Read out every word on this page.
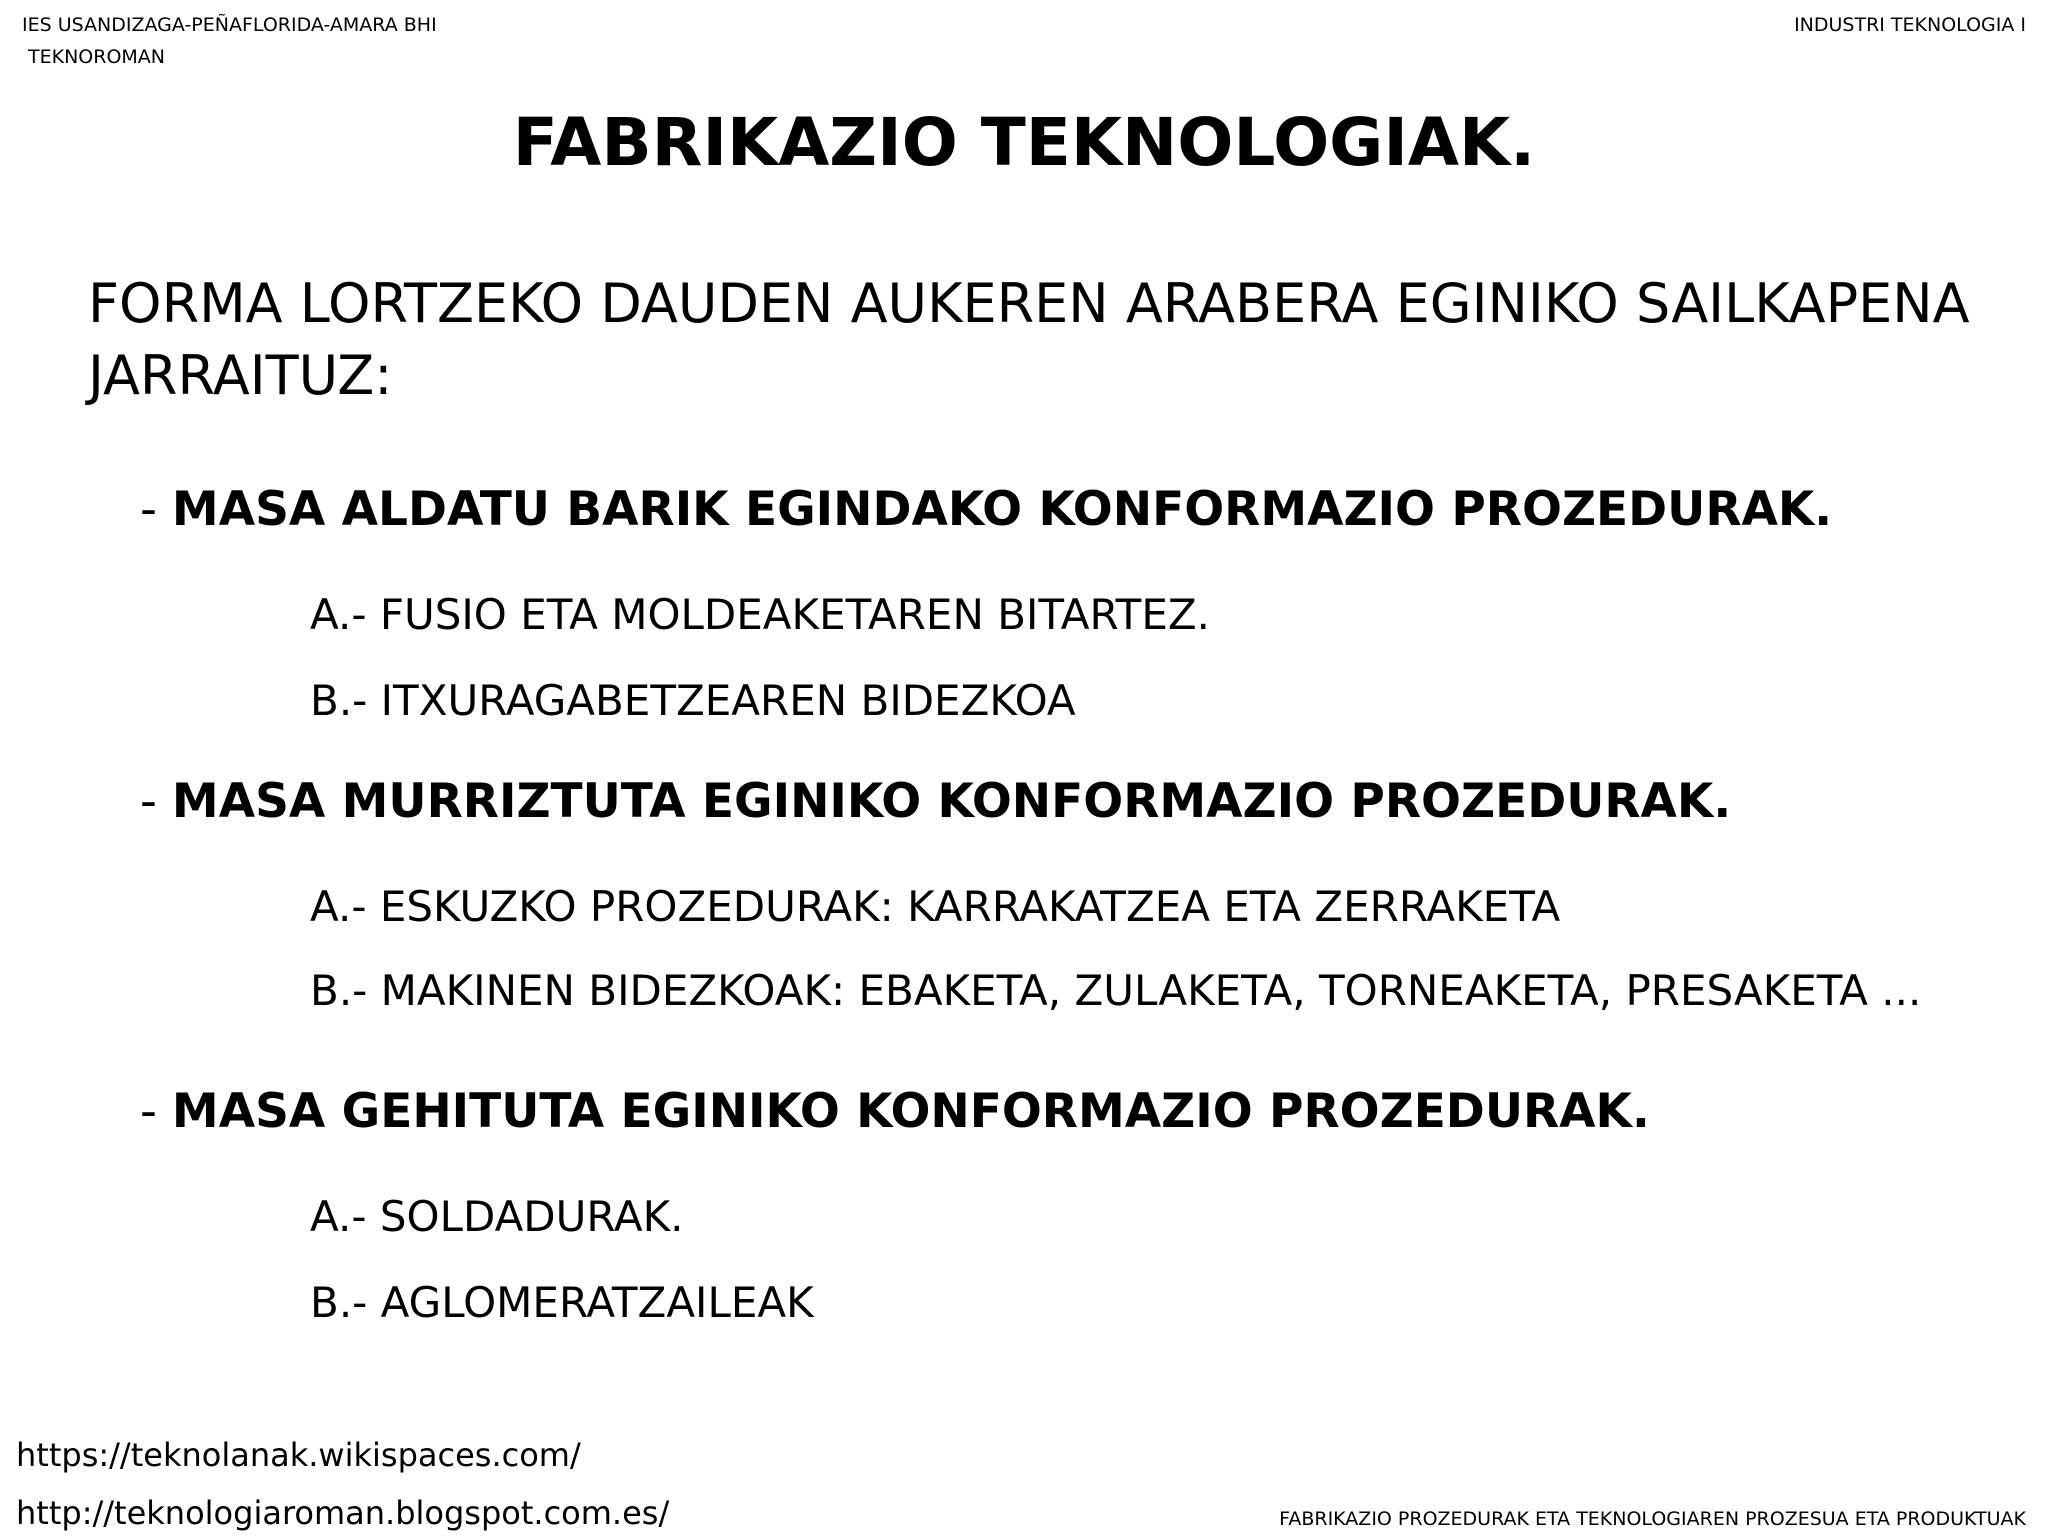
IES USANDIZAGA-PEÑAFLORIDA-AMARA BHI
TEKNOROMAN
INDUSTRI TEKNOLOGIA I
FABRIKAZIO TEKNOLOGIAK.
FORMA LORTZEKO DAUDEN AUKEREN ARABERA EGINIKO SAILKAPENA
JARRAITUZ:
- MASA ALDATU BARIK EGINDAKO KONFORMAZIO PROZEDURAK.
A.- FUSIO ETA MOLDEAKETAREN BITARTEZ.
B.- ITXURAGABETZEAREN BIDEZKOA
- MASA MURRIZTUTA EGINIKO KONFORMAZIO PROZEDURAK.
A.- ESKUZKO PROZEDURAK: KARRAKATZEA ETA ZERRAKETA
B.- MAKINEN BIDEZKOAK: EBAKETA, ZULAKETA, TORNEAKETA, PRESAKETA ...
- MASA GEHITUTA EGINIKO KONFORMAZIO PROZEDURAK.
A.- SOLDADURAK.
B.- AGLOMERATZAILEAK
https://teknolanak.wikispaces.com/
http://teknologiaroman.blogspot.com.es/	FABRIKAZIO PROZEDURAK ETA TEKNOLOGIAREN PROZESUA ETA PRODUKTUAK
